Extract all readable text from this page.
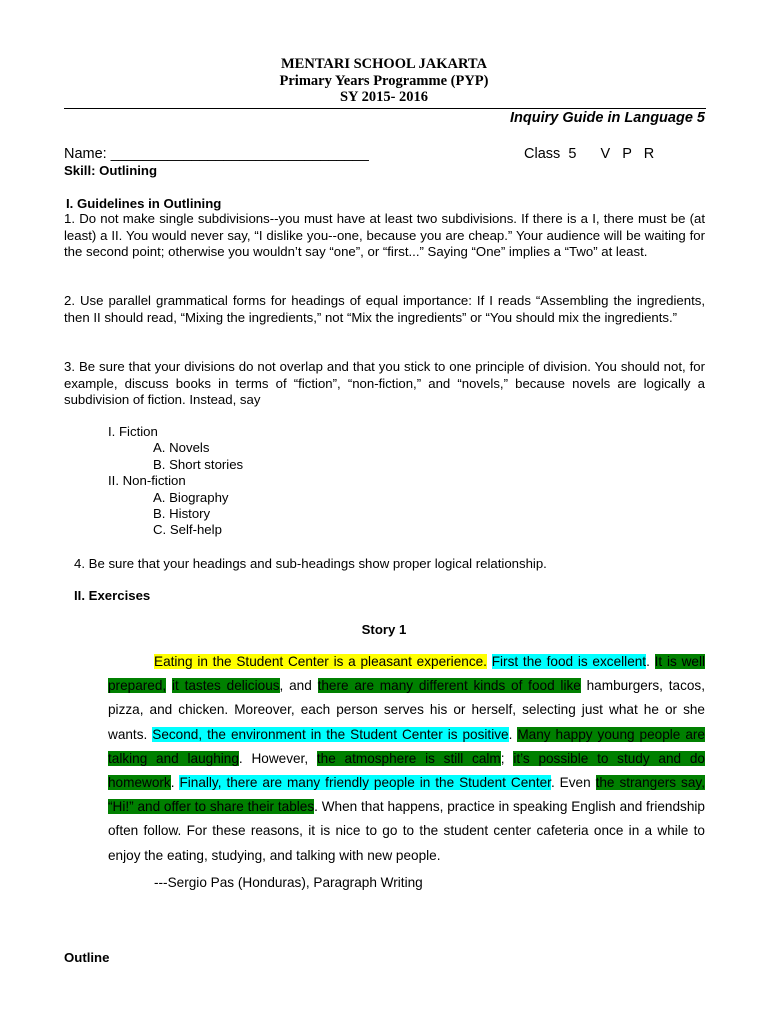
MENTARI SCHOOL JAKARTA
Primary Years Programme (PYP)
SY 2015- 2016
Inquiry Guide in Language 5
Name: ________________________________	Class  5      V   P   R
Skill: Outlining
I. Guidelines in Outlining
1. Do not make single subdivisions--you must have at least two subdivisions. If there is a I, there must be (at least) a II. You would never say, “I dislike you--one, because you are cheap.” Your audience will be waiting for the second point; otherwise you wouldn’t say “one”, or “first...” Saying “One” implies a “Two” at least.
2. Use parallel grammatical forms for headings of equal importance: If I reads “Assembling the ingredients, then II should read, “Mixing the ingredients,” not “Mix the ingredients” or “You should mix the ingredients.”
3. Be sure that your divisions do not overlap and that you stick to one principle of division. You should not, for example, discuss books in terms of “fiction”, “non-fiction,” and “novels,” because novels are logically a subdivision of fiction. Instead, say
I. Fiction
A. Novels
B. Short stories
II. Non-fiction
A. Biography
B. History
C. Self-help
4. Be sure that your headings and sub-headings show proper logical relationship.
II. Exercises
Story 1
Eating in the Student Center is a pleasant experience. First the food is excellent. It is well prepared, it tastes delicious, and there are many different kinds of food like hamburgers, tacos, pizza, and chicken. Moreover, each person serves his or herself, selecting just what he or she wants. Second, the environment in the Student Center is positive. Many happy young people are talking and laughing. However, the atmosphere is still calm; it’s possible to study and do homework. Finally, there are many friendly people in the Student Center. Even the strangers say, “Hi!” and offer to share their tables. When that happens, practice in speaking English and friendship often follow. For these reasons, it is nice to go to the student center cafeteria once in a while to enjoy the eating, studying, and talking with new people.
---Sergio Pas (Honduras), Paragraph Writing
Outline
